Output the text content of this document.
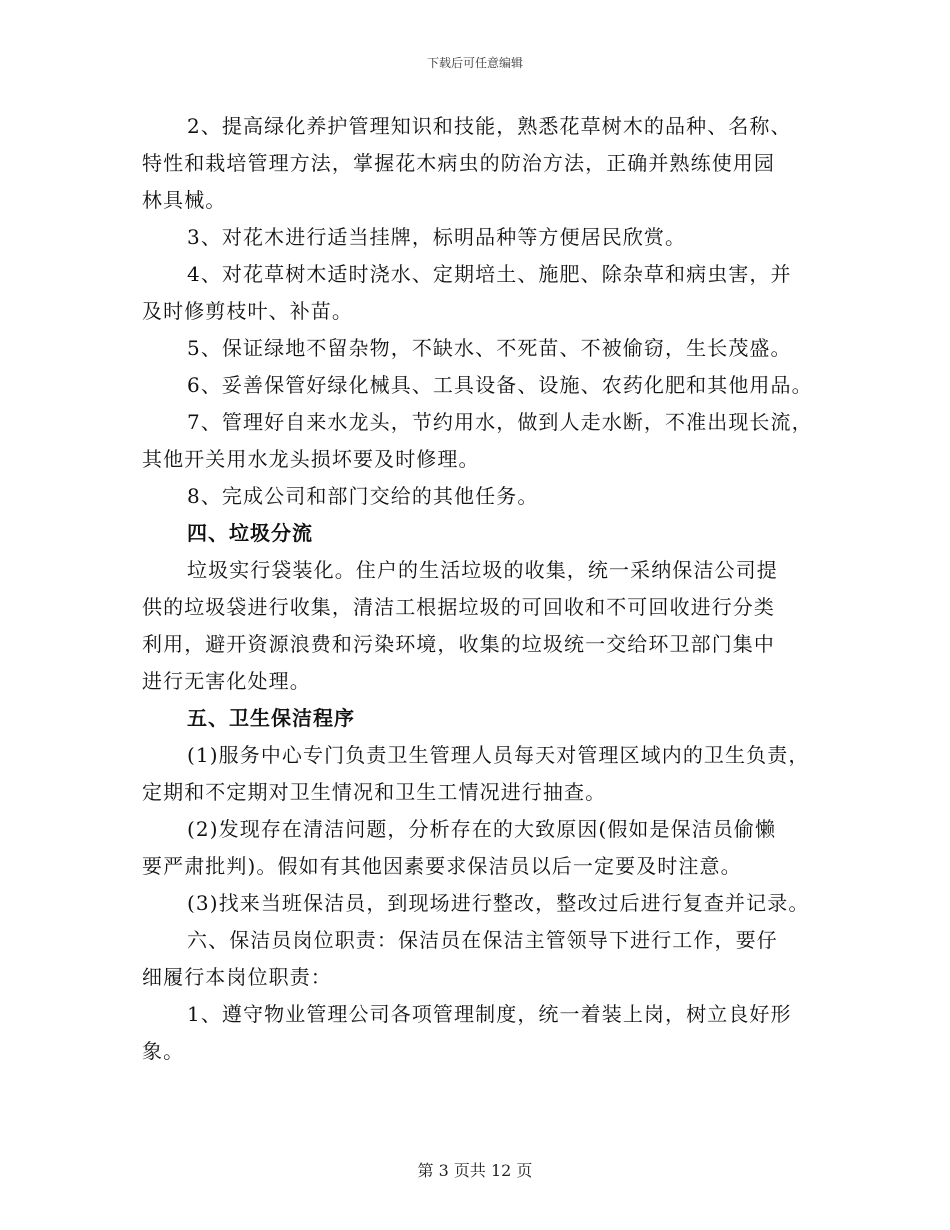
下载后可任意编辑
2、提高绿化养护管理知识和技能，熟悉花草树木的品种、名称、
特性和栽培管理方法，掌握花木病虫的防治方法，正确并熟练使用园
林具械。
3、对花木进行适当挂牌，标明品种等方便居民欣赏。
4、对花草树木适时浇水、定期培土、施肥、除杂草和病虫害，并
及时修剪枝叶、补苗。
5、保证绿地不留杂物，不缺水、不死苗、不被偷窃，生长茂盛。
6、妥善保管好绿化械具、工具设备、设施、农药化肥和其他用品。
7、管理好自来水龙头，节约用水，做到人走水断，不准出现长流，
其他开关用水龙头损坏要及时修理。
8、完成公司和部门交给的其他任务。
四、垃圾分流
垃圾实行袋装化。住户的生活垃圾的收集，统一采纳保洁公司提
供的垃圾袋进行收集，清洁工根据垃圾的可回收和不可回收进行分类
利用，避开资源浪费和污染环境，收集的垃圾统一交给环卫部门集中
进行无害化处理。
五、卫生保洁程序
(1)服务中心专门负责卫生管理人员每天对管理区域内的卫生负责，
定期和不定期对卫生情况和卫生工情况进行抽查。
(2)发现存在清洁问题，分析存在的大致原因(假如是保洁员偷懒
要严肃批判)。假如有其他因素要求保洁员以后一定要及时注意。
(3)找来当班保洁员，到现场进行整改，整改过后进行复查并记录。
六、保洁员岗位职责：保洁员在保洁主管领导下进行工作，要仔
细履行本岗位职责：
1、遵守物业管理公司各项管理制度，统一着装上岗，树立良好形
象。
第 3 页共 12 页
